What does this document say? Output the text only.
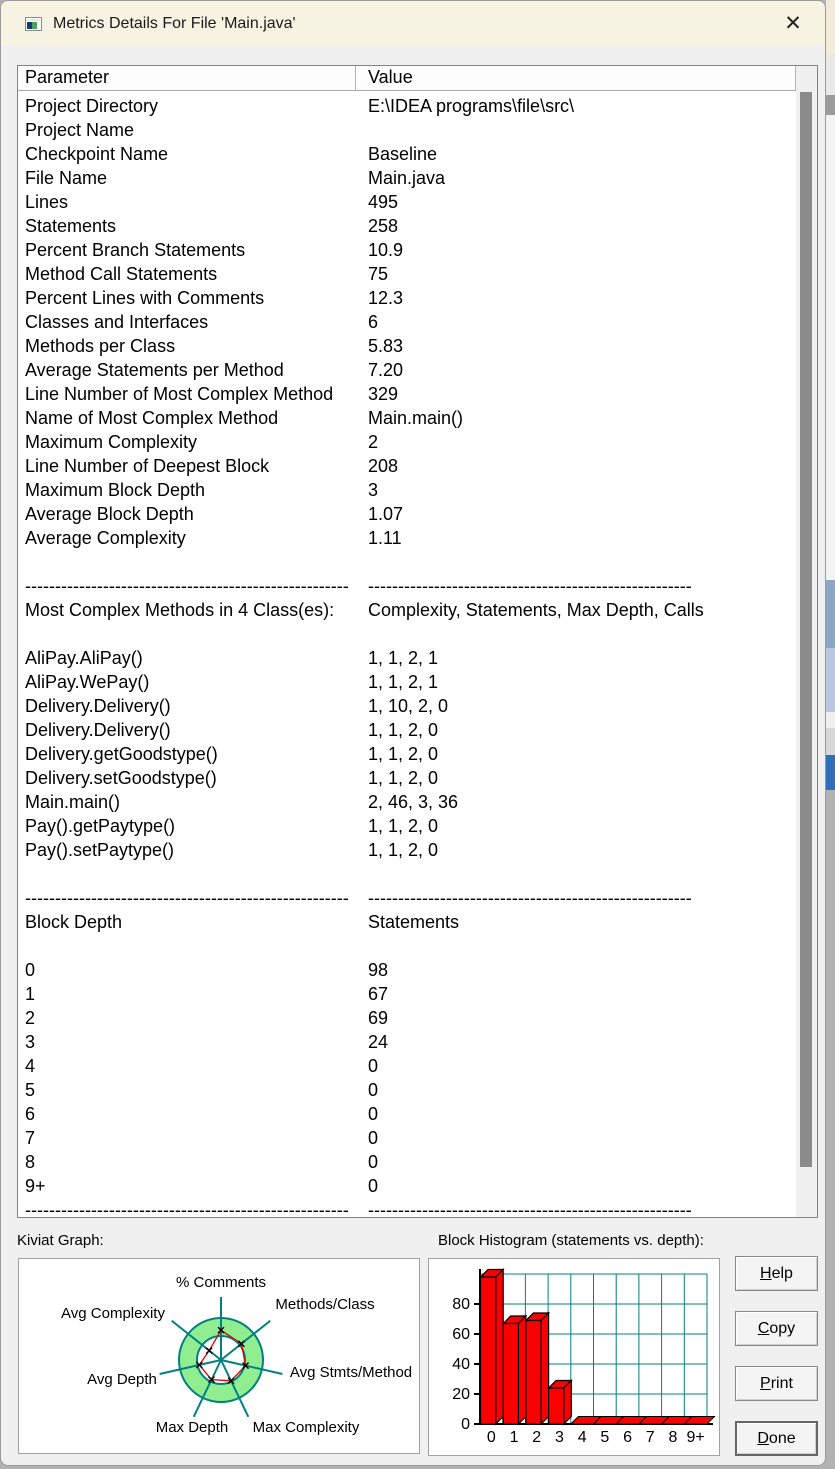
Metrics Details For File 'Main.java'	✕
Parameter	Value
Project Directory	E:\IDEA programs\file\src\
Project Name
Checkpoint Name	Baseline
File Name	Main.java
Lines	495
Statements	258
Percent Branch Statements	10.9
Method Call Statements	75
Percent Lines with Comments	12.3
Classes and Interfaces	6
Methods per Class	5.83
Average Statements per Method	7.20
Line Number of Most Complex Method	329
Name of Most Complex Method	Main.main()
Maximum Complexity	2
Line Number of Deepest Block	208
Maximum Block Depth	3
Average Block Depth	1.07
Average Complexity	1.11
------------------------------------------------------	------------------------------------------------------
Most Complex Methods in 4 Class(es):	Complexity, Statements, Max Depth, Calls
AliPay.AliPay()	1, 1, 2, 1
AliPay.WePay()	1, 1, 2, 1
Delivery.Delivery()	1, 10, 2, 0
Delivery.Delivery()	1, 1, 2, 0
Delivery.getGoodstype()	1, 1, 2, 0
Delivery.setGoodstype()	1, 1, 2, 0
Main.main()	2, 46, 3, 36
Pay().getPaytype()	1, 1, 2, 0
Pay().setPaytype()	1, 1, 2, 0
------------------------------------------------------	------------------------------------------------------
Block Depth	Statements
0	98
1	67
2	69
3	24
4	0
5	0
6	0
7	0
8	0
9+	0
------------------------------------------------------	------------------------------------------------------
Kiviat Graph:	Block Histogram (statements vs. depth):
% Comments
Methods/Class
Avg Stmts/Method
Max Complexity
Max Depth
Avg Depth
Avg Complexity
0
20
40
60
80
0 1 2 3 4 5 6 7 8 9+
H elp
C opy
P rint
D one
